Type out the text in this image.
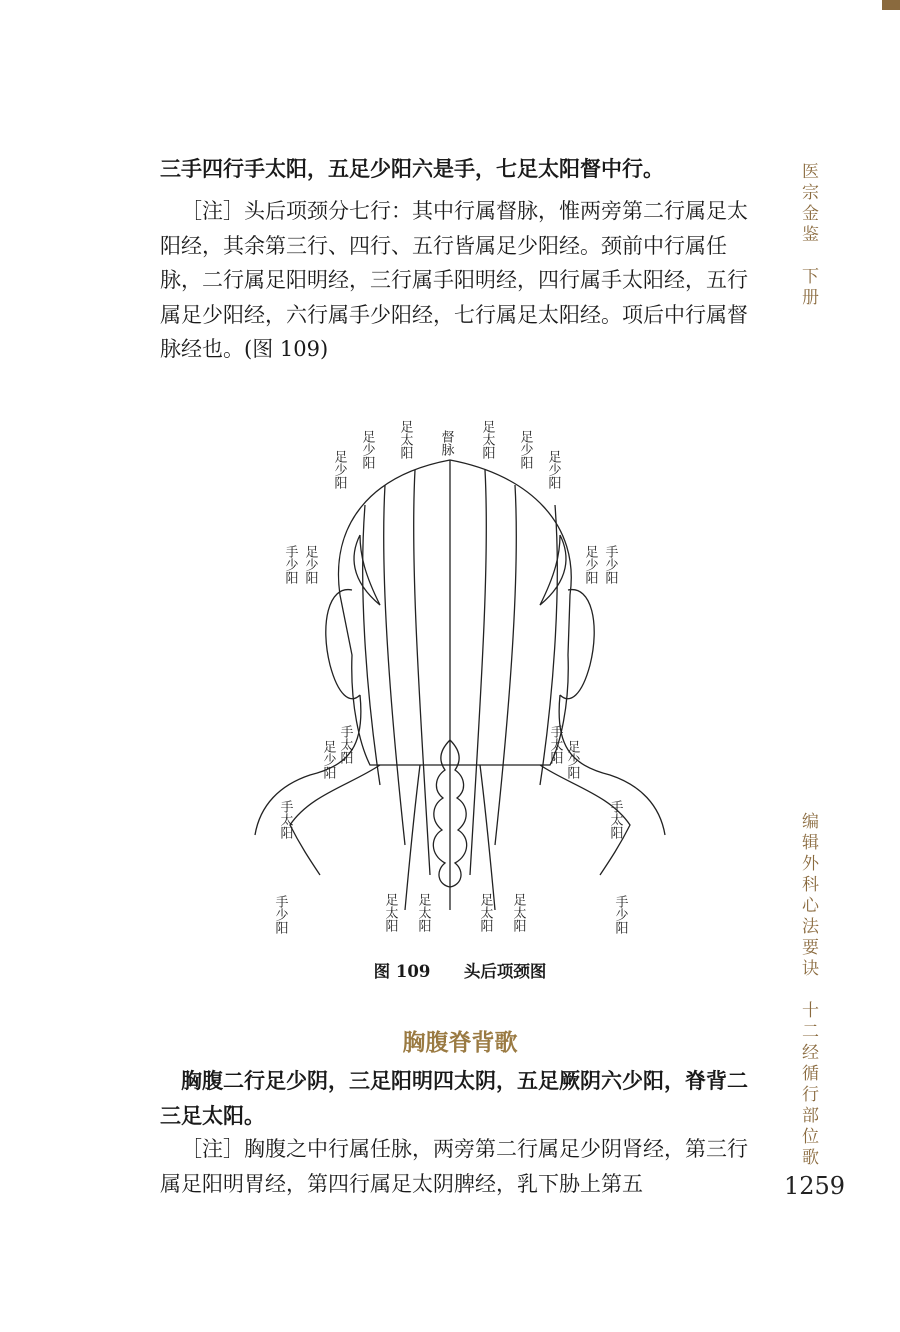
医宗金鉴　下册
编辑外科心法要诀　十二经循行部位歌

三手四行手太阳，五足少阳六是手，七足太阳督中行。

［注］头后项颈分七行：其中行属督脉，惟两旁第二行属足太阳经，其余第三行、四行、五行皆属足少阳经。颈前中行属任脉，二行属足阳明经，三行属手阳明经，四行属手太阳经，五行属足少阳经，六行属手少阳经，七行属足太阳经。项后中行属督脉经也。(图 109)

督脉
足太阳	足太阳
足少阳
足少阳
足少阳
足少阳
足少阳
手少阳	足少阳 手少阳
手太阳
足少阳	手太阳 足少阳
手太阳	手太阳
手少阳	手少阳
足太阳 足太阳	足太阳 足太阳
图 109 头后项颈图
胸腹脊背歌

胸腹二行足少阴，三足阳明四太阴，五足厥阴六少阳，脊背二三足太阳。

［注］胸腹之中行属任脉，两旁第二行属足少阴肾经，第三行属足阳明胃经，第四行属足太阴脾经，乳下胁上第五	1259
